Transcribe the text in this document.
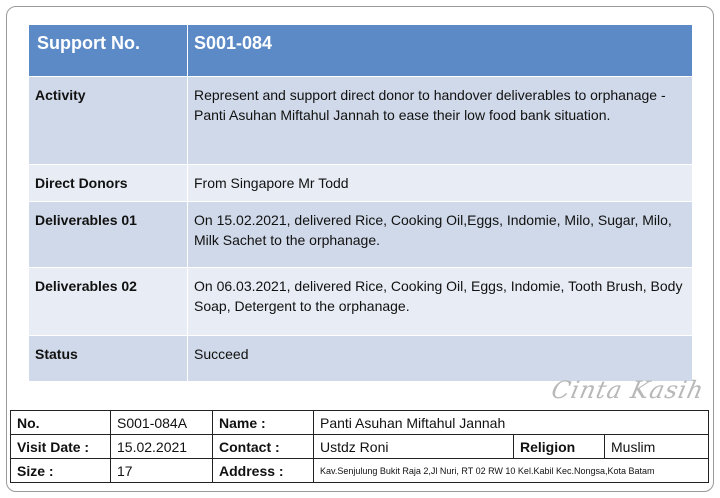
Support No.	S001-084
Activity	Represent and support direct donor to handover deliverables to orphanage - Panti Asuhan Miftahul Jannah to ease their low food bank situation.
Direct Donors	From Singapore Mr Todd
Deliverables 01	On 15.02.2021, delivered Rice, Cooking Oil,Eggs, Indomie, Milo, Sugar, Milo, Milk Sachet to the orphanage.
Deliverables 02	On 06.03.2021, delivered Rice, Cooking Oil, Eggs, Indomie, Tooth Brush, Body Soap, Detergent to the orphanage.
Status	Succeed
Cinta Kasih
No.	S001-084A	Name :	Panti Asuhan Miftahul Jannah		
Visit Date :	15.02.2021	Contact :	Ustdz Roni	Religion	Muslim
Size :	17	Address :	Kav.Senjulung Bukit Raja 2,Jl Nuri, RT 02 RW 10 Kel.Kabil Kec.Nongsa,Kota Batam		
